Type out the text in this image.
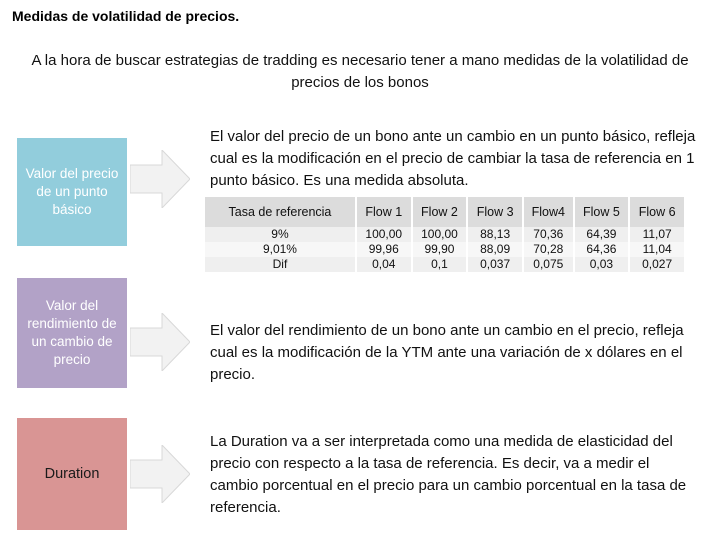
Medidas de volatilidad de precios.
A la hora de buscar estrategias de tradding es necesario tener a mano medidas de la volatilidad de precios de los bonos
Valor del precio de un punto básico
Valor del rendimiento de un cambio de precio
Duration
El valor del precio de un bono ante un cambio en un punto básico, refleja cual es la modificación en el precio de cambiar la tasa de referencia en 1 punto básico. Es una medida absoluta.
Tasa de referencia	Flow 1	Flow 2	Flow 3	Flow4	Flow 5	Flow 6
9%	100,00	100,00	88,13	70,36	64,39	11,07
9,01%	99,96	99,90	88,09	70,28	64,36	11,04
Dif	0,04	0,1	0,037	0,075	0,03	0,027
El valor del rendimiento de un bono ante un cambio en el precio, refleja cual es la modificación de la YTM ante una variación de x dólares en el precio.
La Duration va a ser interpretada como una medida de elasticidad del precio con respecto a la tasa de referencia. Es decir, va a medir el cambio porcentual en el precio para un cambio porcentual en la tasa de referencia.
